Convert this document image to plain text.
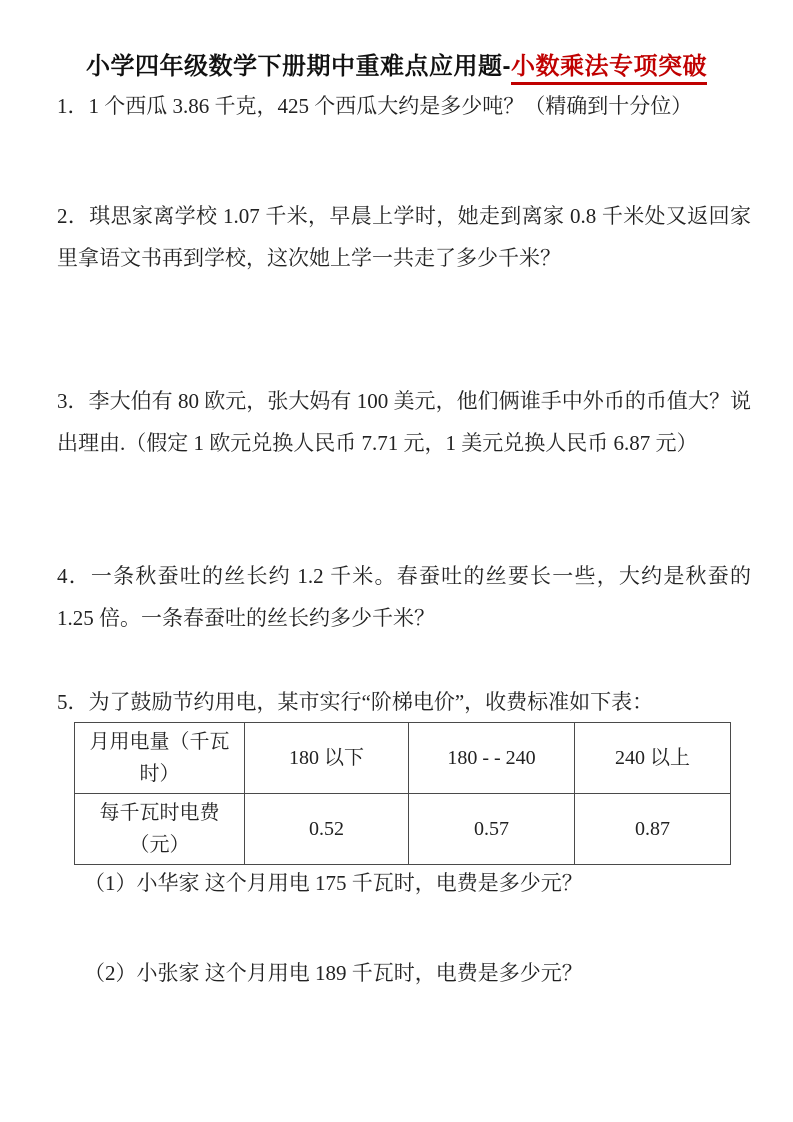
小学四年级数学下册期中重难点应用题-小数乘法专项突破

1．1 个西瓜 3.86 千克，425 个西瓜大约是多少吨？（精确到十分位）

2．琪思家离学校 1.07 千米，早晨上学时，她走到离家 0.8 千米处又返回家里拿语文书再到学校，这次她上学一共走了多少千米？

3．李大伯有 80 欧元，张大妈有 100 美元，他们俩谁手中外币的币值大？说出理由.（假定 1 欧元兑换人民币 7.71 元，1 美元兑换人民币 6.87 元）

4．一条秋蚕吐的丝长约 1.2 千米。春蚕吐的丝要长一些，大约是秋蚕的 1.25 倍。一条春蚕吐的丝长约多少千米？

5．为了鼓励节约用电，某市实行“阶梯电价”，收费标准如下表：

月用电量（千瓦时）	180 以下	180 - - 240	240 以上
每千瓦时电费（元）	0.52	0.57	0.87

（1）小华家 这个月用电 175 千瓦时，电费是多少元？

（2）小张家 这个月用电 189 千瓦时，电费是多少元？
